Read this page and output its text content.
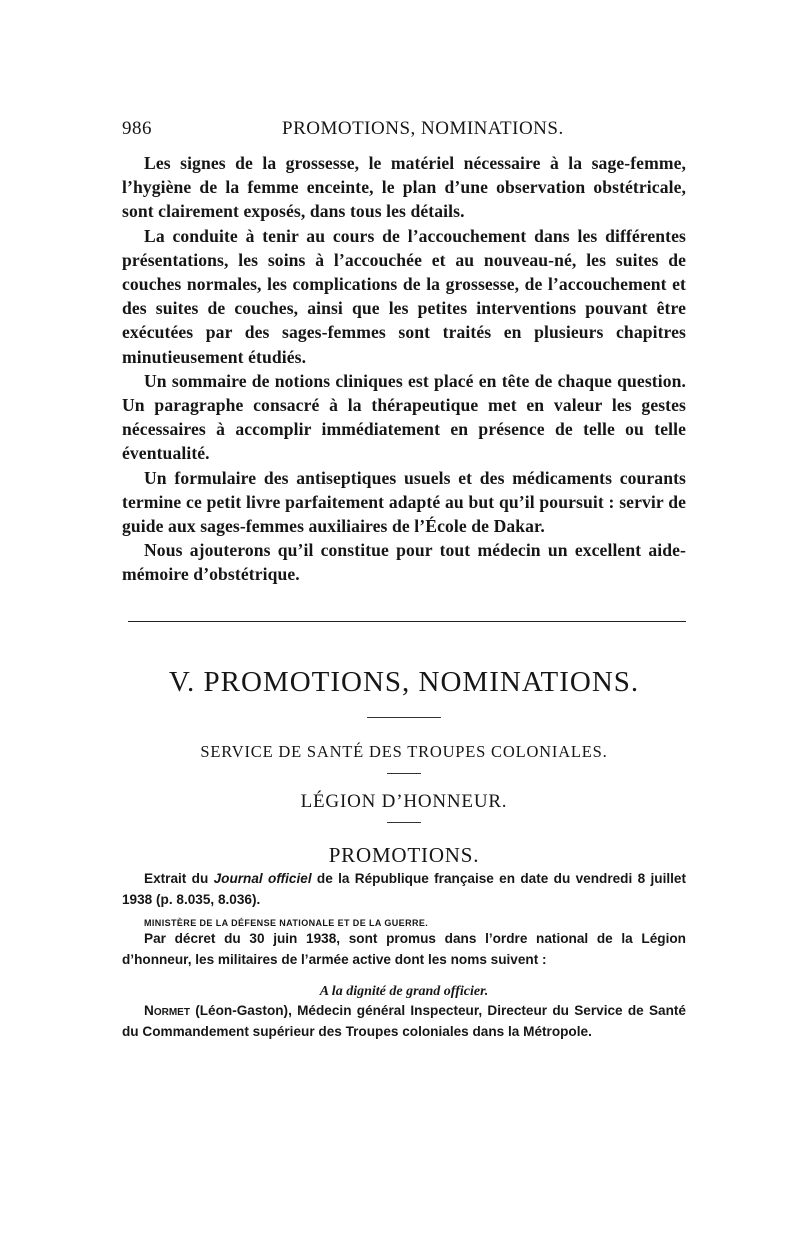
986	PROMOTIONS, NOMINATIONS.

Les signes de la grossesse, le matériel nécessaire à la sage-femme, l’hygiène de la femme enceinte, le plan d’une observation obstétricale, sont clairement exposés, dans tous les détails.

La conduite à tenir au cours de l’accouchement dans les différentes présentations, les soins à l’accouchée et au nouveau-né, les suites de couches normales, les complications de la grossesse, de l’accouchement et des suites de couches, ainsi que les petites interventions pouvant être exécutées par des sages-femmes sont traités en plusieurs chapitres minutieusement étudiés.

Un sommaire de notions cliniques est placé en tête de chaque question. Un paragraphe consacré à la thérapeutique met en valeur les gestes nécessaires à accomplir immédiatement en présence de telle ou telle éventualité.

Un formulaire des antiseptiques usuels et des médicaments courants termine ce petit livre parfaitement adapté au but qu’il poursuit : servir de guide aux sages-femmes auxiliaires de l’École de Dakar.

Nous ajouterons qu’il constitue pour tout médecin un excellent aide-mémoire d’obstétrique.

V. PROMOTIONS, NOMINATIONS.
SERVICE DE SANTÉ DES TROUPES COLONIALES.
LÉGION D’HONNEUR.
PROMOTIONS.

Extrait du Journal officiel de la République française en date du vendredi 8 juillet 1938 (p. 8.035, 8.036).

MINISTÈRE DE LA DÉFENSE NATIONALE ET DE LA GUERRE.

Par décret du 30 juin 1938, sont promus dans l’ordre national de la Légion d’honneur, les militaires de l’armée active dont les noms suivent :

A la dignité de grand officier.

Normet (Léon-Gaston), Médecin général Inspecteur, Directeur du Service de Santé du Commandement supérieur des Troupes coloniales dans la Métropole.
